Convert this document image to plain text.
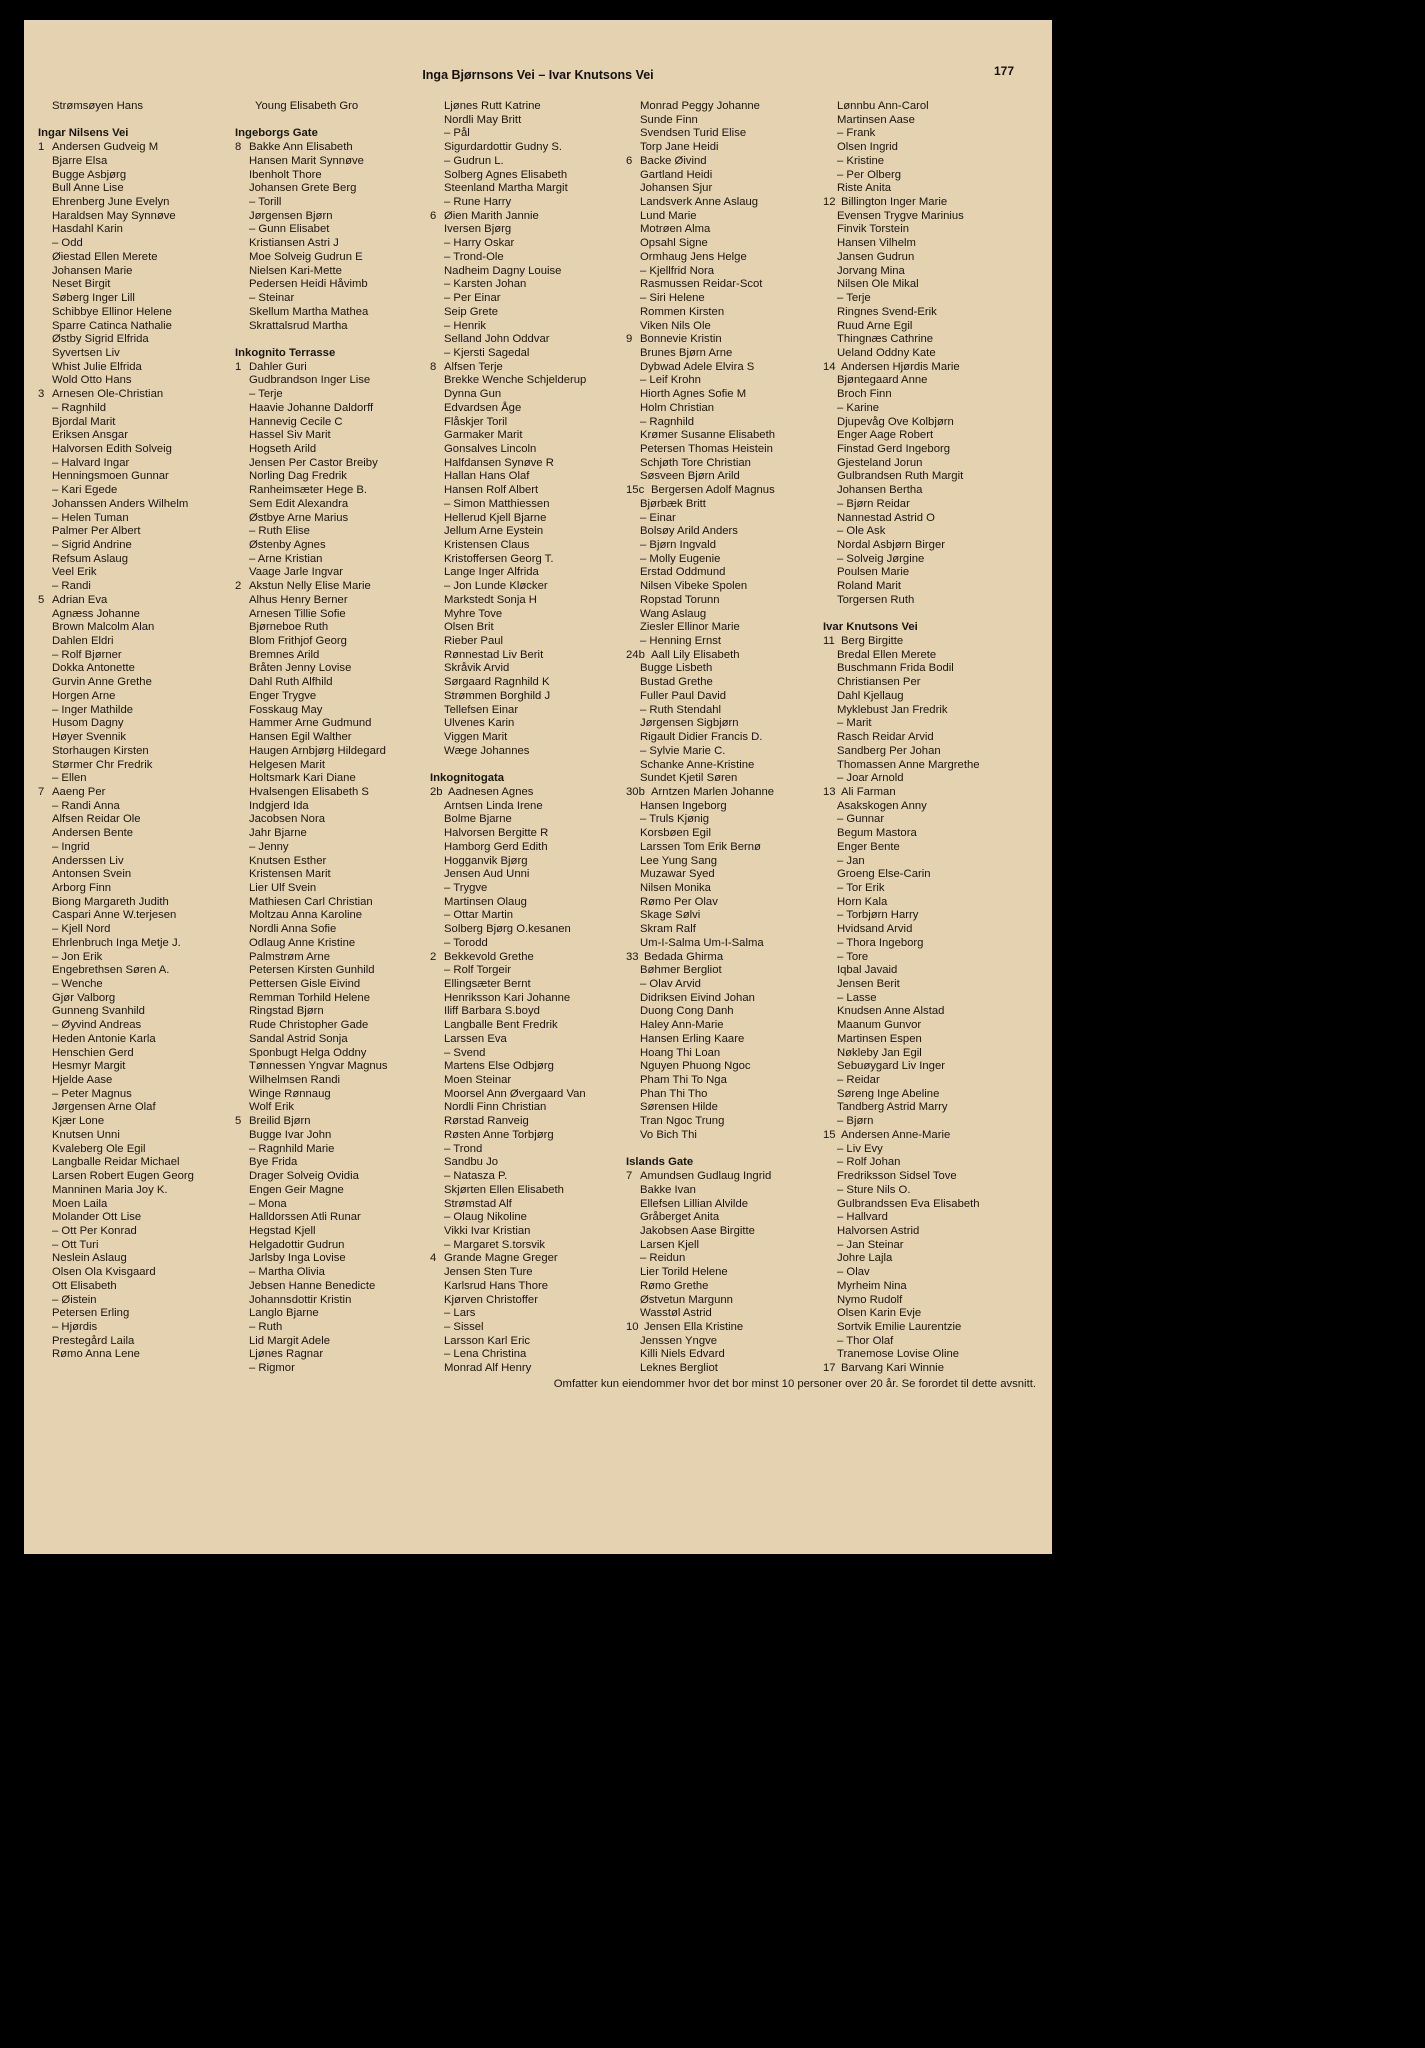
Inga Bjørnsons Vei – Ivar Knutsons Vei	177
Strømsøyen Hans
Ingar Nilsens Vei
1 Andersen Gudveig M
Bjarre Elsa
Bugge Asbjørg
Bull Anne Lise
Ehrenberg June Evelyn
Haraldsen May Synnøve
Hasdahl Karin
– Odd
Øiestad Ellen Merete
Johansen Marie
Neset Birgit
Søberg Inger Lill
Schibbye Ellinor Helene
Sparre Catinca Nathalie
Østby Sigrid Elfrida
Syvertsen Liv
Whist Julie Elfrida
Wold Otto Hans
3 Arnesen Ole-Christian
– Ragnhild
Bjordal Marit
Eriksen Ansgar
Halvorsen Edith Solveig
– Halvard Ingar
Henningsmoen Gunnar
– Kari Egede
Johanssen Anders Wilhelm
– Helen Tuman
Palmer Per Albert
– Sigrid Andrine
Refsum Aslaug
Veel Erik
– Randi
5 Adrian Eva
Agnæss Johanne
Brown Malcolm Alan
Dahlen Eldri
– Rolf Bjørner
Dokka Antonette
Gurvin Anne Grethe
Horgen Arne
– Inger Mathilde
Husom Dagny
Høyer Svennik
Storhaugen Kirsten
Størmer Chr Fredrik
– Ellen
7 Aaeng Per
– Randi Anna
Alfsen Reidar Ole
Andersen Bente
– Ingrid
Anderssen Liv
Antonsen Svein
Arborg Finn
Biong Margareth Judith
Caspari Anne W.terjesen
– Kjell Nord
Ehrlenbruch Inga Metje J.
– Jon Erik
Engebrethsen Søren A.
– Wenche
Gjør Valborg
Gunneng Svanhild
– Øyvind Andreas
Heden Antonie Karla
Henschien Gerd
Hesmyr Margit
Hjelde Aase
– Peter Magnus
Jørgensen Arne Olaf
Kjær Lone
Knutsen Unni
Kvaleberg Ole Egil
Langballe Reidar Michael
Larsen Robert Eugen Georg
Manninen Maria Joy K.
Moen Laila
Molander Ott Lise
– Ott Per Konrad
– Ott Turi
Neslein Aslaug
Olsen Ola Kvisgaard
Ott Elisabeth
– Øistein
Petersen Erling
– Hjørdis
Prestegård Laila
Rømo Anna Lene
Young Elisabeth Gro
Ingeborgs Gate
8 Bakke Ann Elisabeth
Hansen Marit Synnøve
Ibenholt Thore
Johansen Grete Berg
– Torill
Jørgensen Bjørn
– Gunn Elisabet
Kristiansen Astri J
Moe Solveig Gudrun E
Nielsen Kari-Mette
Pedersen Heidi Håvimb
– Steinar
Skellum Martha Mathea
Skrattalsrud Martha
Inkognito Terrasse
1 Dahler Guri
Gudbrandson Inger Lise
– Terje
Haavie Johanne Daldorff
Hannevig Cecile C
Hassel Siv Marit
Hogseth Arild
Jensen Per Castor Breiby
Norling Dag Fredrik
Ranheimsæter Hege B.
Sem Edit Alexandra
Østbye Arne Marius
– Ruth Elise
Østenby Agnes
– Arne Kristian
Vaage Jarle Ingvar
2 Akstun Nelly Elise Marie
Alhus Henry Berner
Arnesen Tillie Sofie
Bjørneboe Ruth
Blom Frithjof Georg
Bremnes Arild
Bråten Jenny Lovise
Dahl Ruth Alfhild
Enger Trygve
Fosskaug May
Hammer Arne Gudmund
Hansen Egil Walther
Haugen Arnbjørg Hildegard
Helgesen Marit
Holtsmark Kari Diane
Hvalsengen Elisabeth S
Indgjerd Ida
Jacobsen Nora
Jahr Bjarne
– Jenny
Knutsen Esther
Kristensen Marit
Lier Ulf Svein
Mathiesen Carl Christian
Moltzau Anna Karoline
Nordli Anna Sofie
Odlaug Anne Kristine
Palmstrøm Arne
Petersen Kirsten Gunhild
Pettersen Gisle Eivind
Remman Torhild Helene
Ringstad Bjørn
Rude Christopher Gade
Sandal Astrid Sonja
Sponbugt Helga Oddny
Tønnessen Yngvar Magnus
Wilhelmsen Randi
Winge Rønnaug
Wolf Erik
5 Breilid Bjørn
Bugge Ivar John
– Ragnhild Marie
Bye Frida
Drager Solveig Ovidia
Engen Geir Magne
– Mona
Halldorssen Atli Runar
Hegstad Kjell
Helgadottir Gudrun
Jarlsby Inga Lovise
– Martha Olivia
Jebsen Hanne Benedicte
Johannsdottir Kristin
Langlo Bjarne
– Ruth
Lid Margit Adele
Ljønes Ragnar
– Rigmor
Ljønes Rutt Katrine
Nordli May Britt
– Pål
Sigurdardottir Gudny S.
– Gudrun L.
Solberg Agnes Elisabeth
Steenland Martha Margit
– Rune Harry
6 Øien Marith Jannie
Iversen Bjørg
– Harry Oskar
– Trond-Ole
Nadheim Dagny Louise
– Karsten Johan
– Per Einar
Seip Grete
– Henrik
Selland John Oddvar
– Kjersti Sagedal
8 Alfsen Terje
Brekke Wenche Schjelderup
Dynna Gun
Edvardsen Åge
Flåskjer Toril
Garmaker Marit
Gonsalves Lincoln
Halfdansen Synøve R
Hallan Hans Olaf
Hansen Rolf Albert
– Simon Matthiessen
Hellerud Kjell Bjarne
Jellum Arne Eystein
Kristensen Claus
Kristoffersen Georg T.
Lange Inger Alfrida
– Jon Lunde Kløcker
Markstedt Sonja H
Myhre Tove
Olsen Brit
Rieber Paul
Rønnestad Liv Berit
Skråvik Arvid
Sørgaard Ragnhild K
Strømmen Borghild J
Tellefsen Einar
Ulvenes Karin
Viggen Marit
Wæge Johannes
Inkognitogata
2b Aadnesen Agnes
Arntsen Linda Irene
Bolme Bjarne
Halvorsen Bergitte R
Hamborg Gerd Edith
Hogganvik Bjørg
Jensen Aud Unni
– Trygve
Martinsen Olaug
– Ottar Martin
Solberg Bjørg O.kesanen
– Torodd
2 Bekkevold Grethe
– Rolf Torgeir
Ellingsæter Bernt
Henriksson Kari Johanne
Iliff Barbara S.boyd
Langballe Bent Fredrik
Larssen Eva
– Svend
Martens Else Odbjørg
Moen Steinar
Moorsel Ann Øvergaard Van
Nordli Finn Christian
Rørstad Ranveig
Røsten Anne Torbjørg
– Trond
Sandbu Jo
– Natasza P.
Skjørten Ellen Elisabeth
Strømstad Alf
– Olaug Nikoline
Vikki Ivar Kristian
– Margaret S.torsvik
4 Grande Magne Greger
Jensen Sten Ture
Karlsrud Hans Thore
Kjørven Christoffer
– Lars
– Sissel
Larsson Karl Eric
– Lena Christina
Monrad Alf Henry
Monrad Peggy Johanne
Sunde Finn
Svendsen Turid Elise
Torp Jane Heidi
6 Backe Øivind
Gartland Heidi
Johansen Sjur
Landsverk Anne Aslaug
Lund Marie
Motrøen Alma
Opsahl Signe
Ormhaug Jens Helge
– Kjellfrid Nora
Rasmussen Reidar-Scot
– Siri Helene
Rommen Kirsten
Viken Nils Ole
9 Bonnevie Kristin
Brunes Bjørn Arne
Dybwad Adele Elvira S
– Leif Krohn
Hiorth Agnes Sofie M
Holm Christian
– Ragnhild
Krømer Susanne Elisabeth
Petersen Thomas Heistein
Schjøth Tore Christian
Søsveen Bjørn Arild
15c Bergersen Adolf Magnus
Bjørbæk Britt
– Einar
Bolsøy Arild Anders
– Bjørn Ingvald
– Molly Eugenie
Erstad Oddmund
Nilsen Vibeke Spolen
Ropstad Torunn
Wang Aslaug
Ziesler Ellinor Marie
– Henning Ernst
24b Aall Lily Elisabeth
Bugge Lisbeth
Bustad Grethe
Fuller Paul David
– Ruth Stendahl
Jørgensen Sigbjørn
Rigault Didier Francis D.
– Sylvie Marie C.
Schanke Anne-Kristine
Sundet Kjetil Søren
30b Arntzen Marlen Johanne
Hansen Ingeborg
– Truls Kjønig
Korsbøen Egil
Larssen Tom Erik Bernø
Lee Yung Sang
Muzawar Syed
Nilsen Monika
Rømo Per Olav
Skage Sølvi
Skram Ralf
Um-I-Salma Um-I-Salma
33 Bedada Ghirma
Bøhmer Bergliot
– Olav Arvid
Didriksen Eivind Johan
Duong Cong Danh
Haley Ann-Marie
Hansen Erling Kaare
Hoang Thi Loan
Nguyen Phuong Ngoc
Pham Thi To Nga
Phan Thi Tho
Sørensen Hilde
Tran Ngoc Trung
Vo Bich Thi
Islands Gate
7 Amundsen Gudlaug Ingrid
Bakke Ivan
Ellefsen Lillian Alvilde
Gråberget Anita
Jakobsen Aase Birgitte
Larsen Kjell
– Reidun
Lier Torild Helene
Rømo Grethe
Østvetun Margunn
Wasstøl Astrid
10 Jensen Ella Kristine
Jenssen Yngve
Killi Niels Edvard
Leknes Bergliot
Lønnbu Ann-Carol
Martinsen Aase
– Frank
Olsen Ingrid
– Kristine
– Per Olberg
Riste Anita
12 Billington Inger Marie
Evensen Trygve Marinius
Finvik Torstein
Hansen Vilhelm
Jansen Gudrun
Jorvang Mina
Nilsen Ole Mikal
– Terje
Ringnes Svend-Erik
Ruud Arne Egil
Thingnæs Cathrine
Ueland Oddny Kate
14 Andersen Hjørdis Marie
Bjøntegaard Anne
Broch Finn
– Karine
Djupevåg Ove Kolbjørn
Enger Aage Robert
Finstad Gerd Ingeborg
Gjesteland Jorun
Gulbrandsen Ruth Margit
Johansen Bertha
– Bjørn Reidar
Nannestad Astrid O
– Ole Ask
Nordal Asbjørn Birger
– Solveig Jørgine
Poulsen Marie
Roland Marit
Torgersen Ruth
Ivar Knutsons Vei
11 Berg Birgitte
Bredal Ellen Merete
Buschmann Frida Bodil
Christiansen Per
Dahl Kjellaug
Myklebust Jan Fredrik
– Marit
Rasch Reidar Arvid
Sandberg Per Johan
Thomassen Anne Margrethe
– Joar Arnold
13 Ali Farman
Asakskogen Anny
– Gunnar
Begum Mastora
Enger Bente
– Jan
Groeng Else-Carin
– Tor Erik
Horn Kala
– Torbjørn Harry
Hvidsand Arvid
– Thora Ingeborg
– Tore
Iqbal Javaid
Jensen Berit
– Lasse
Knudsen Anne Alstad
Maanum Gunvor
Martinsen Espen
Nøkleby Jan Egil
Sebuøygard Liv Inger
– Reidar
Søreng Inge Abeline
Tandberg Astrid Marry
– Bjørn
15 Andersen Anne-Marie
– Liv Evy
– Rolf Johan
Fredriksson Sidsel Tove
– Sture Nils O.
Gulbrandssen Eva Elisabeth
– Hallvard
Halvorsen Astrid
– Jan Steinar
Johre Lajla
– Olav
Myrheim Nina
Nymo Rudolf
Olsen Karin Evje
Sortvik Emilie Laurentzie
– Thor Olaf
Tranemose Lovise Oline
17 Barvang Kari Winnie
Omfatter kun eiendommer hvor det bor minst 10 personer over 20 år. Se forordet til dette avsnitt.
